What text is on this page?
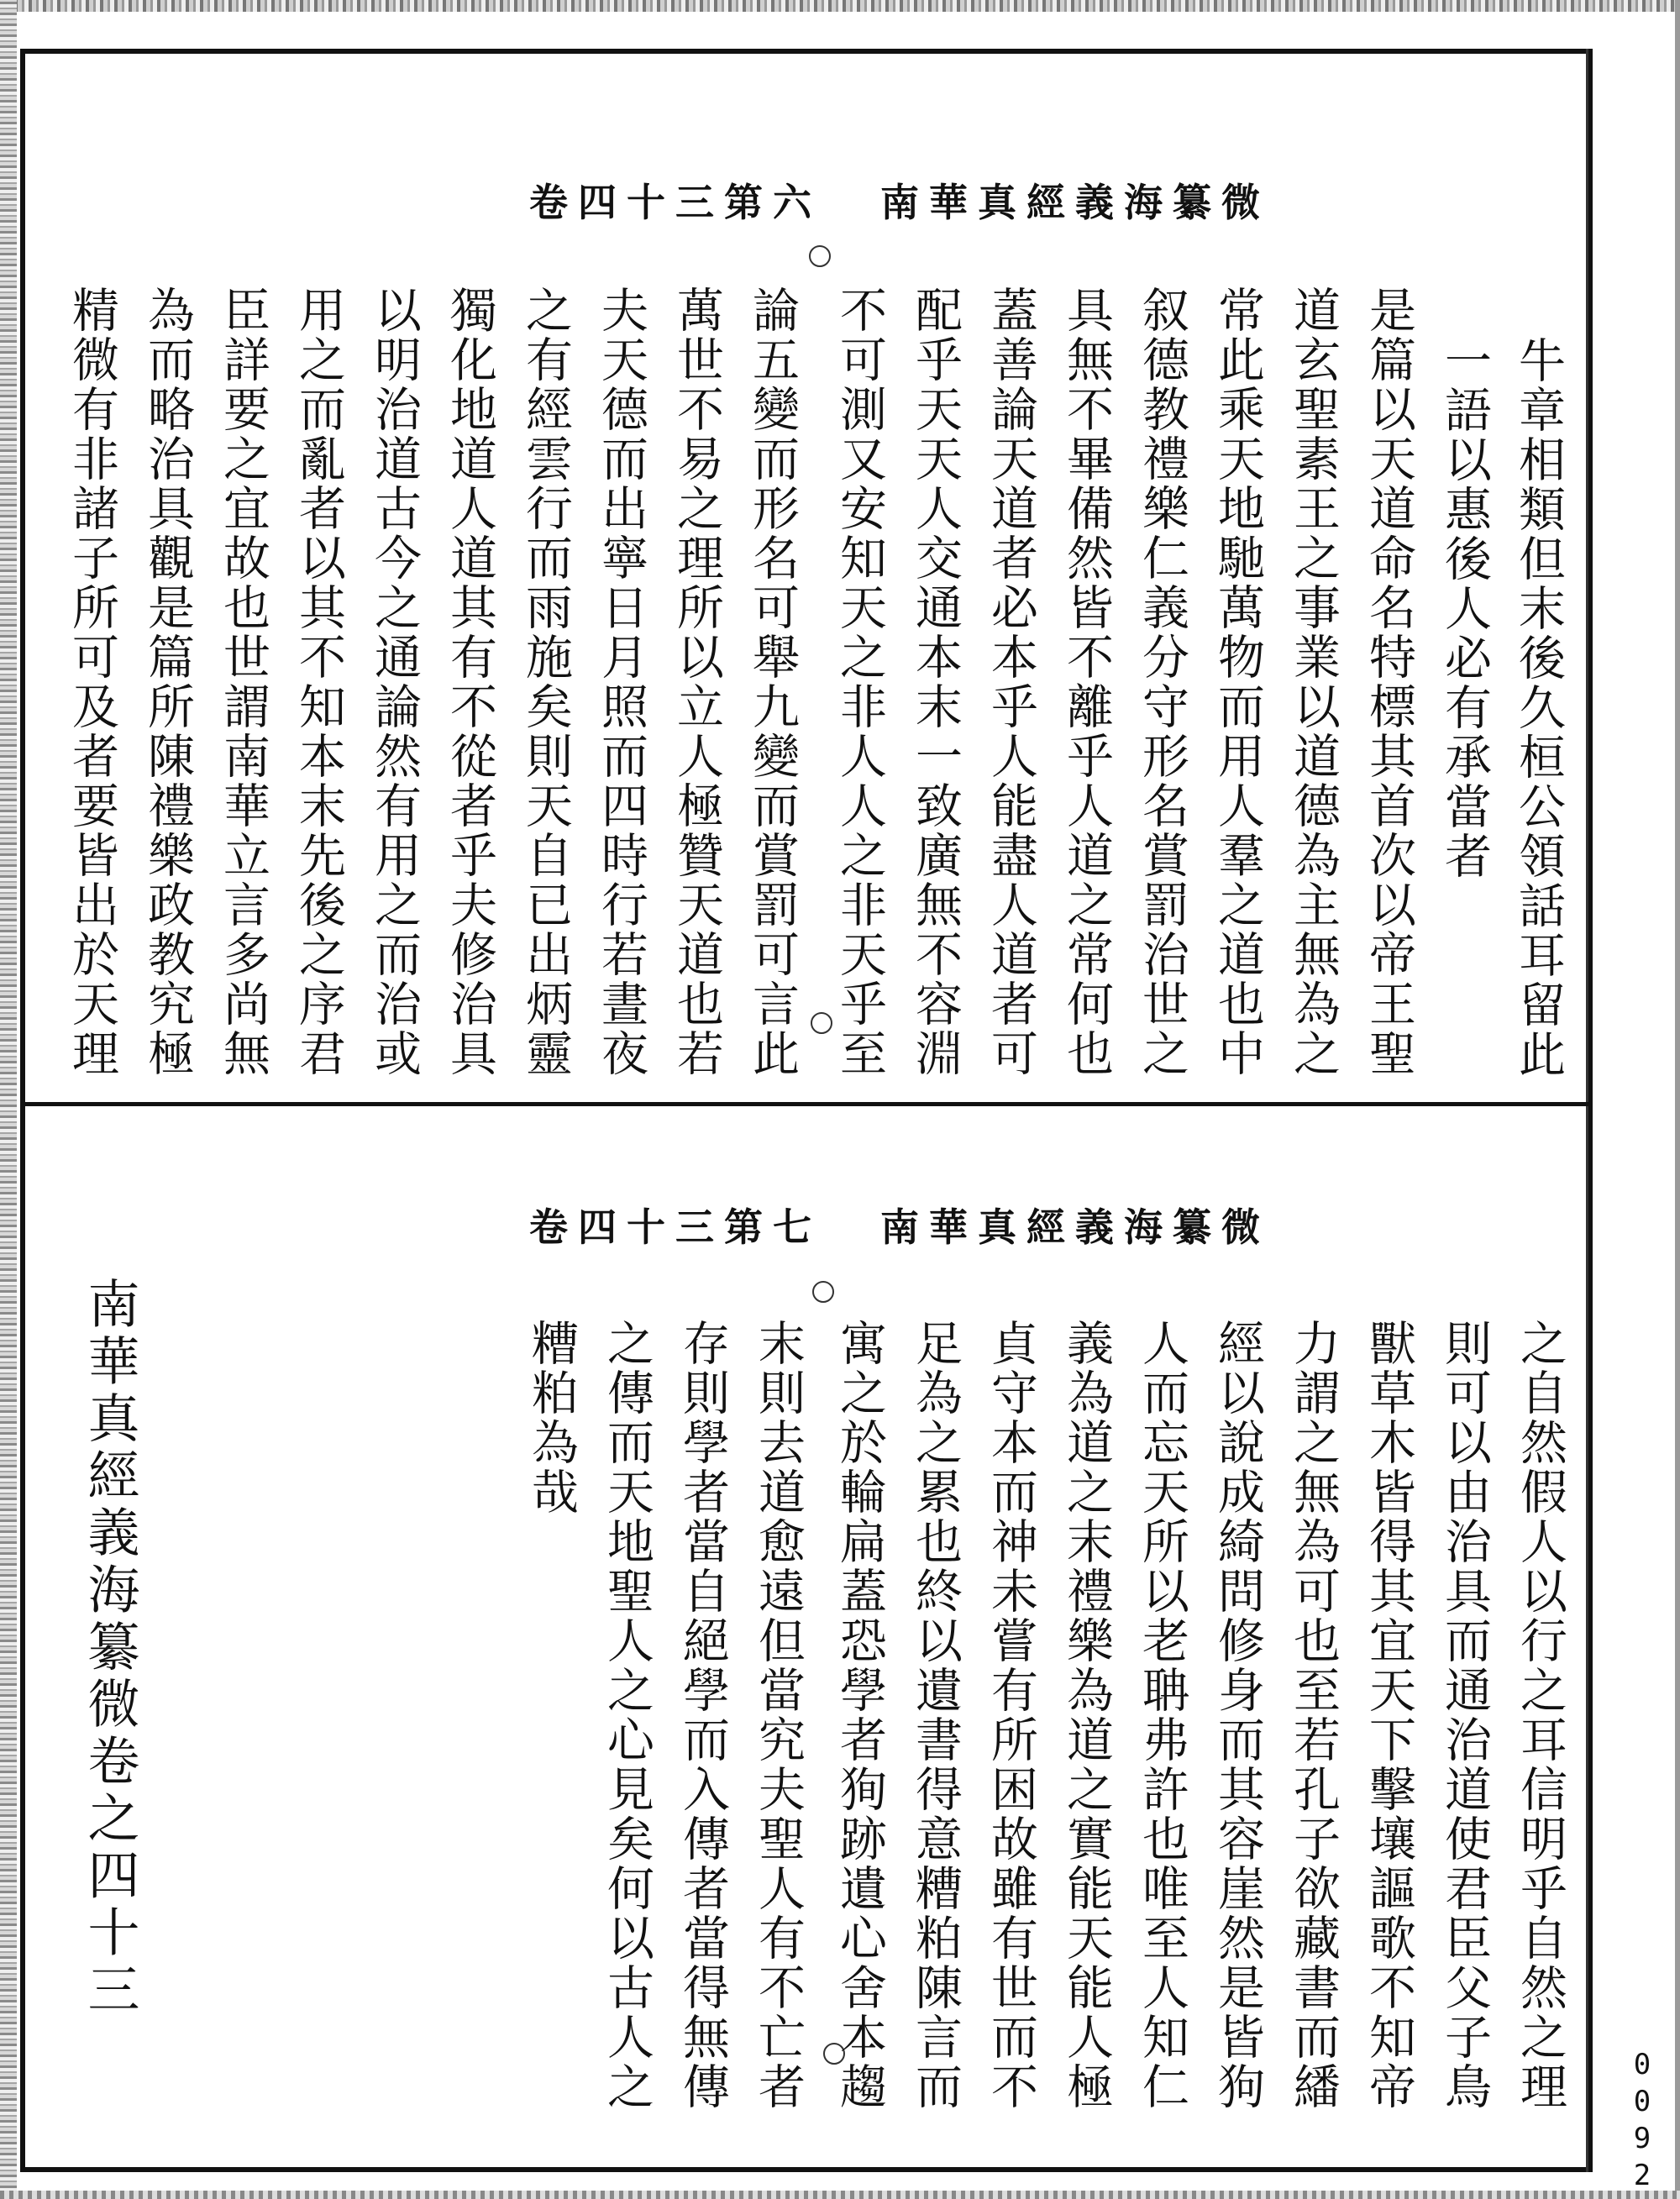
卷四十三第六 南華真經義海纂微
牛章相類但末後久桓公領話耳留此
一語以惠後人必有承當者
是篇以天道命名特標其首次以帝王聖
道玄聖素王之事業以道德為主無為之
常此乘天地馳萬物而用人羣之道也中
叙德教禮樂仁義分守形名賞罰治世之
具無不畢備然皆不離乎人道之常何也
蓋善論天道者必本乎人能盡人道者可
配乎天天人交通本末一致廣無不容淵
不可測又安知天之非人人之非天乎至
論五變而形名可舉九變而賞罰可言此
萬世不易之理所以立人極贊天道也若
夫天德而出寧日月照而四時行若晝夜
之有經雲行而雨施矣則天自已出炳靈
獨化地道人道其有不從者乎夫修治具
以明治道古今之通論然有用之而治或
用之而亂者以其不知本末先後之序君
臣詳要之宜故也世謂南華立言多尚無
為而略治具觀是篇所陳禮樂政教究極
精微有非諸子所可及者要皆出於天理
卷四十三第七 南華真經義海纂微
之自然假人以行之耳信明乎自然之理
則可以由治具而通治道使君臣父子鳥
獸草木皆得其宜天下擊壤謳歌不知帝
力謂之無為可也至若孔子欲藏書而繙
經以說成綺問修身而其容崖然是皆狗
人而忘天所以老聃弗許也唯至人知仁
義為道之末禮樂為道之實能天能人極
貞守本而神未嘗有所困故雖有世而不
足為之累也終以遺書得意糟粕陳言而
寓之於輪扁蓋恐學者狥跡遺心舍本趨
末則去道愈遠但當究夫聖人有不亡者
存則學者當自絕學而入傳者當得無傳
之傳而天地聖人之心見矣何以古人之
糟粕為哉
南華真經義海纂微卷之四十三
0092
